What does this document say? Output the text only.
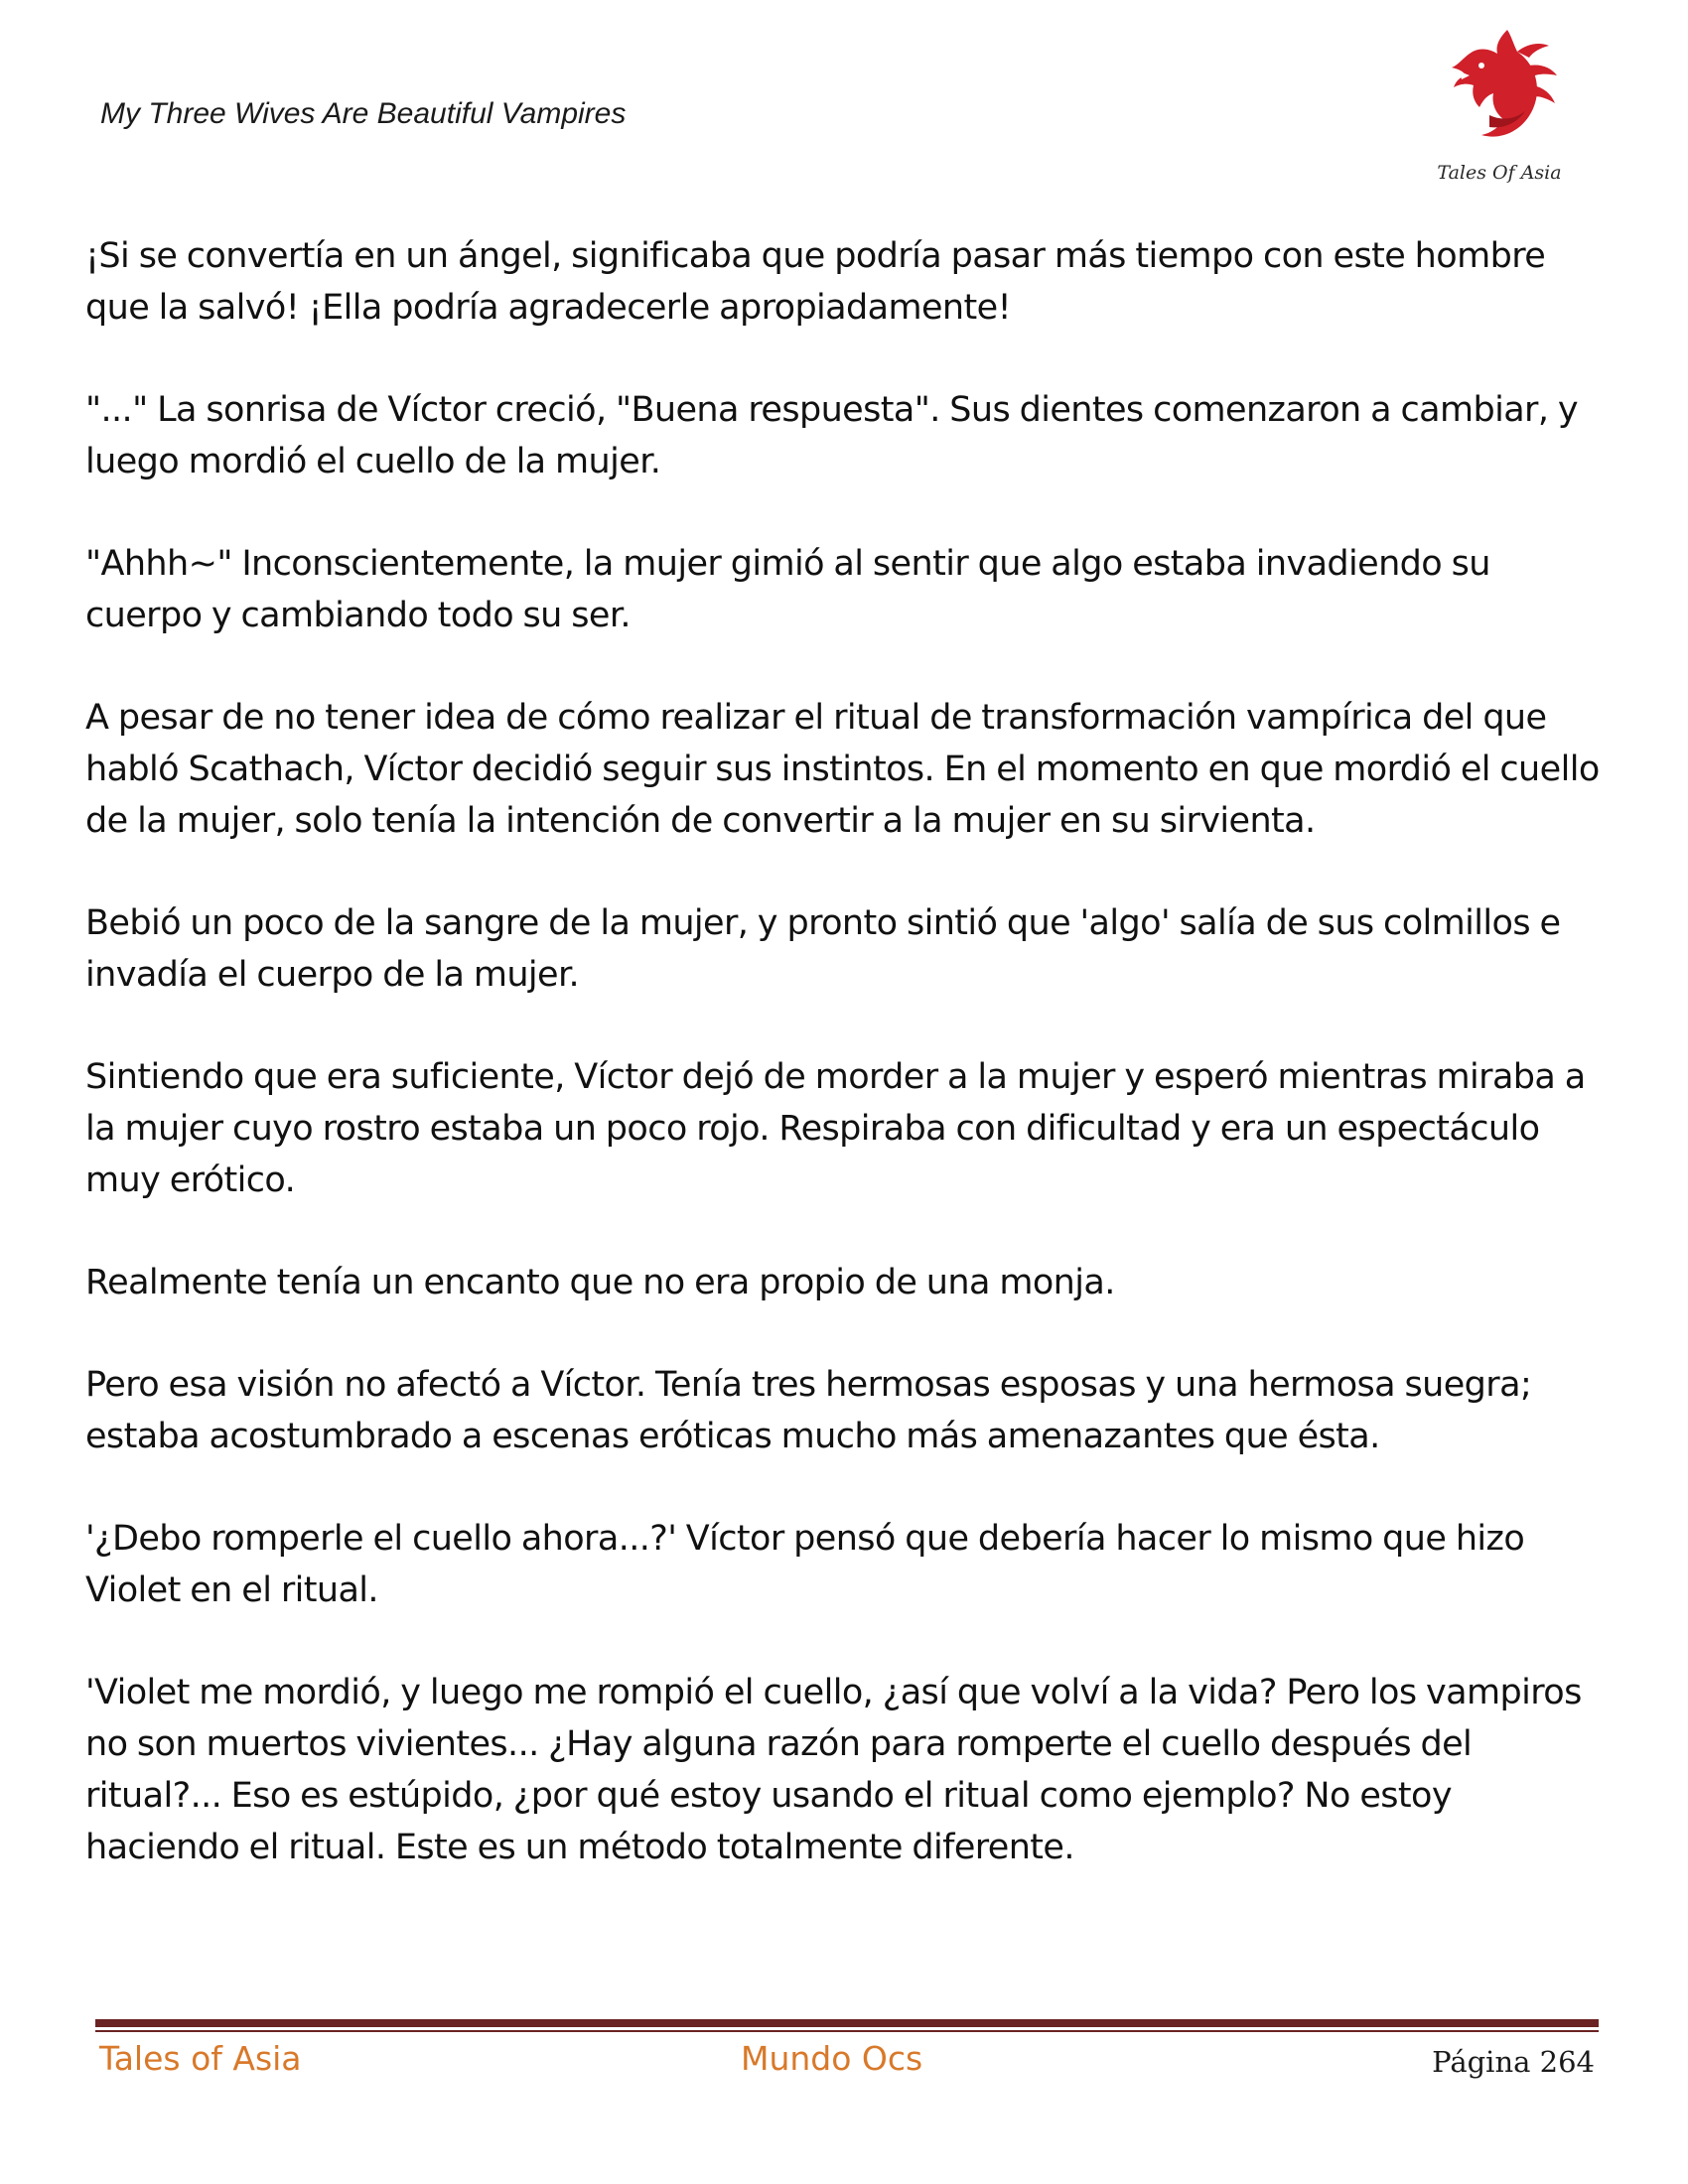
My Three Wives Are Beautiful Vampires
Tales Of Asia

¡Si se convertía en un ángel, significaba que podría pasar más tiempo con este hombre que la salvó! ¡Ella podría agradecerle apropiadamente!

"..." La sonrisa de Víctor creció, "Buena respuesta". Sus dientes comenzaron a cambiar, y luego mordió el cuello de la mujer.

"Ahhh~" Inconscientemente, la mujer gimió al sentir que algo estaba invadiendo su cuerpo y cambiando todo su ser.

A pesar de no tener idea de cómo realizar el ritual de transformación vampírica del que habló Scathach, Víctor decidió seguir sus instintos. En el momento en que mordió el cuello de la mujer, solo tenía la intención de convertir a la mujer en su sirvienta.

Bebió un poco de la sangre de la mujer, y pronto sintió que 'algo' salía de sus colmillos e invadía el cuerpo de la mujer.

Sintiendo que era suficiente, Víctor dejó de morder a la mujer y esperó mientras miraba a la mujer cuyo rostro estaba un poco rojo. Respiraba con dificultad y era un espectáculo muy erótico.

Realmente tenía un encanto que no era propio de una monja.

Pero esa visión no afectó a Víctor. Tenía tres hermosas esposas y una hermosa suegra; estaba acostumbrado a escenas eróticas mucho más amenazantes que ésta.

'¿Debo romperle el cuello ahora...?' Víctor pensó que debería hacer lo mismo que hizo Violet en el ritual.

'Violet me mordió, y luego me rompió el cuello, ¿así que volví a la vida? Pero los vampiros no son muertos vivientes... ¿Hay alguna razón para romperte el cuello después del ritual?... Eso es estúpido, ¿por qué estoy usando el ritual como ejemplo? No estoy haciendo el ritual. Este es un método totalmente diferente.

Tales of Asia	Mundo Ocs	Página 264
